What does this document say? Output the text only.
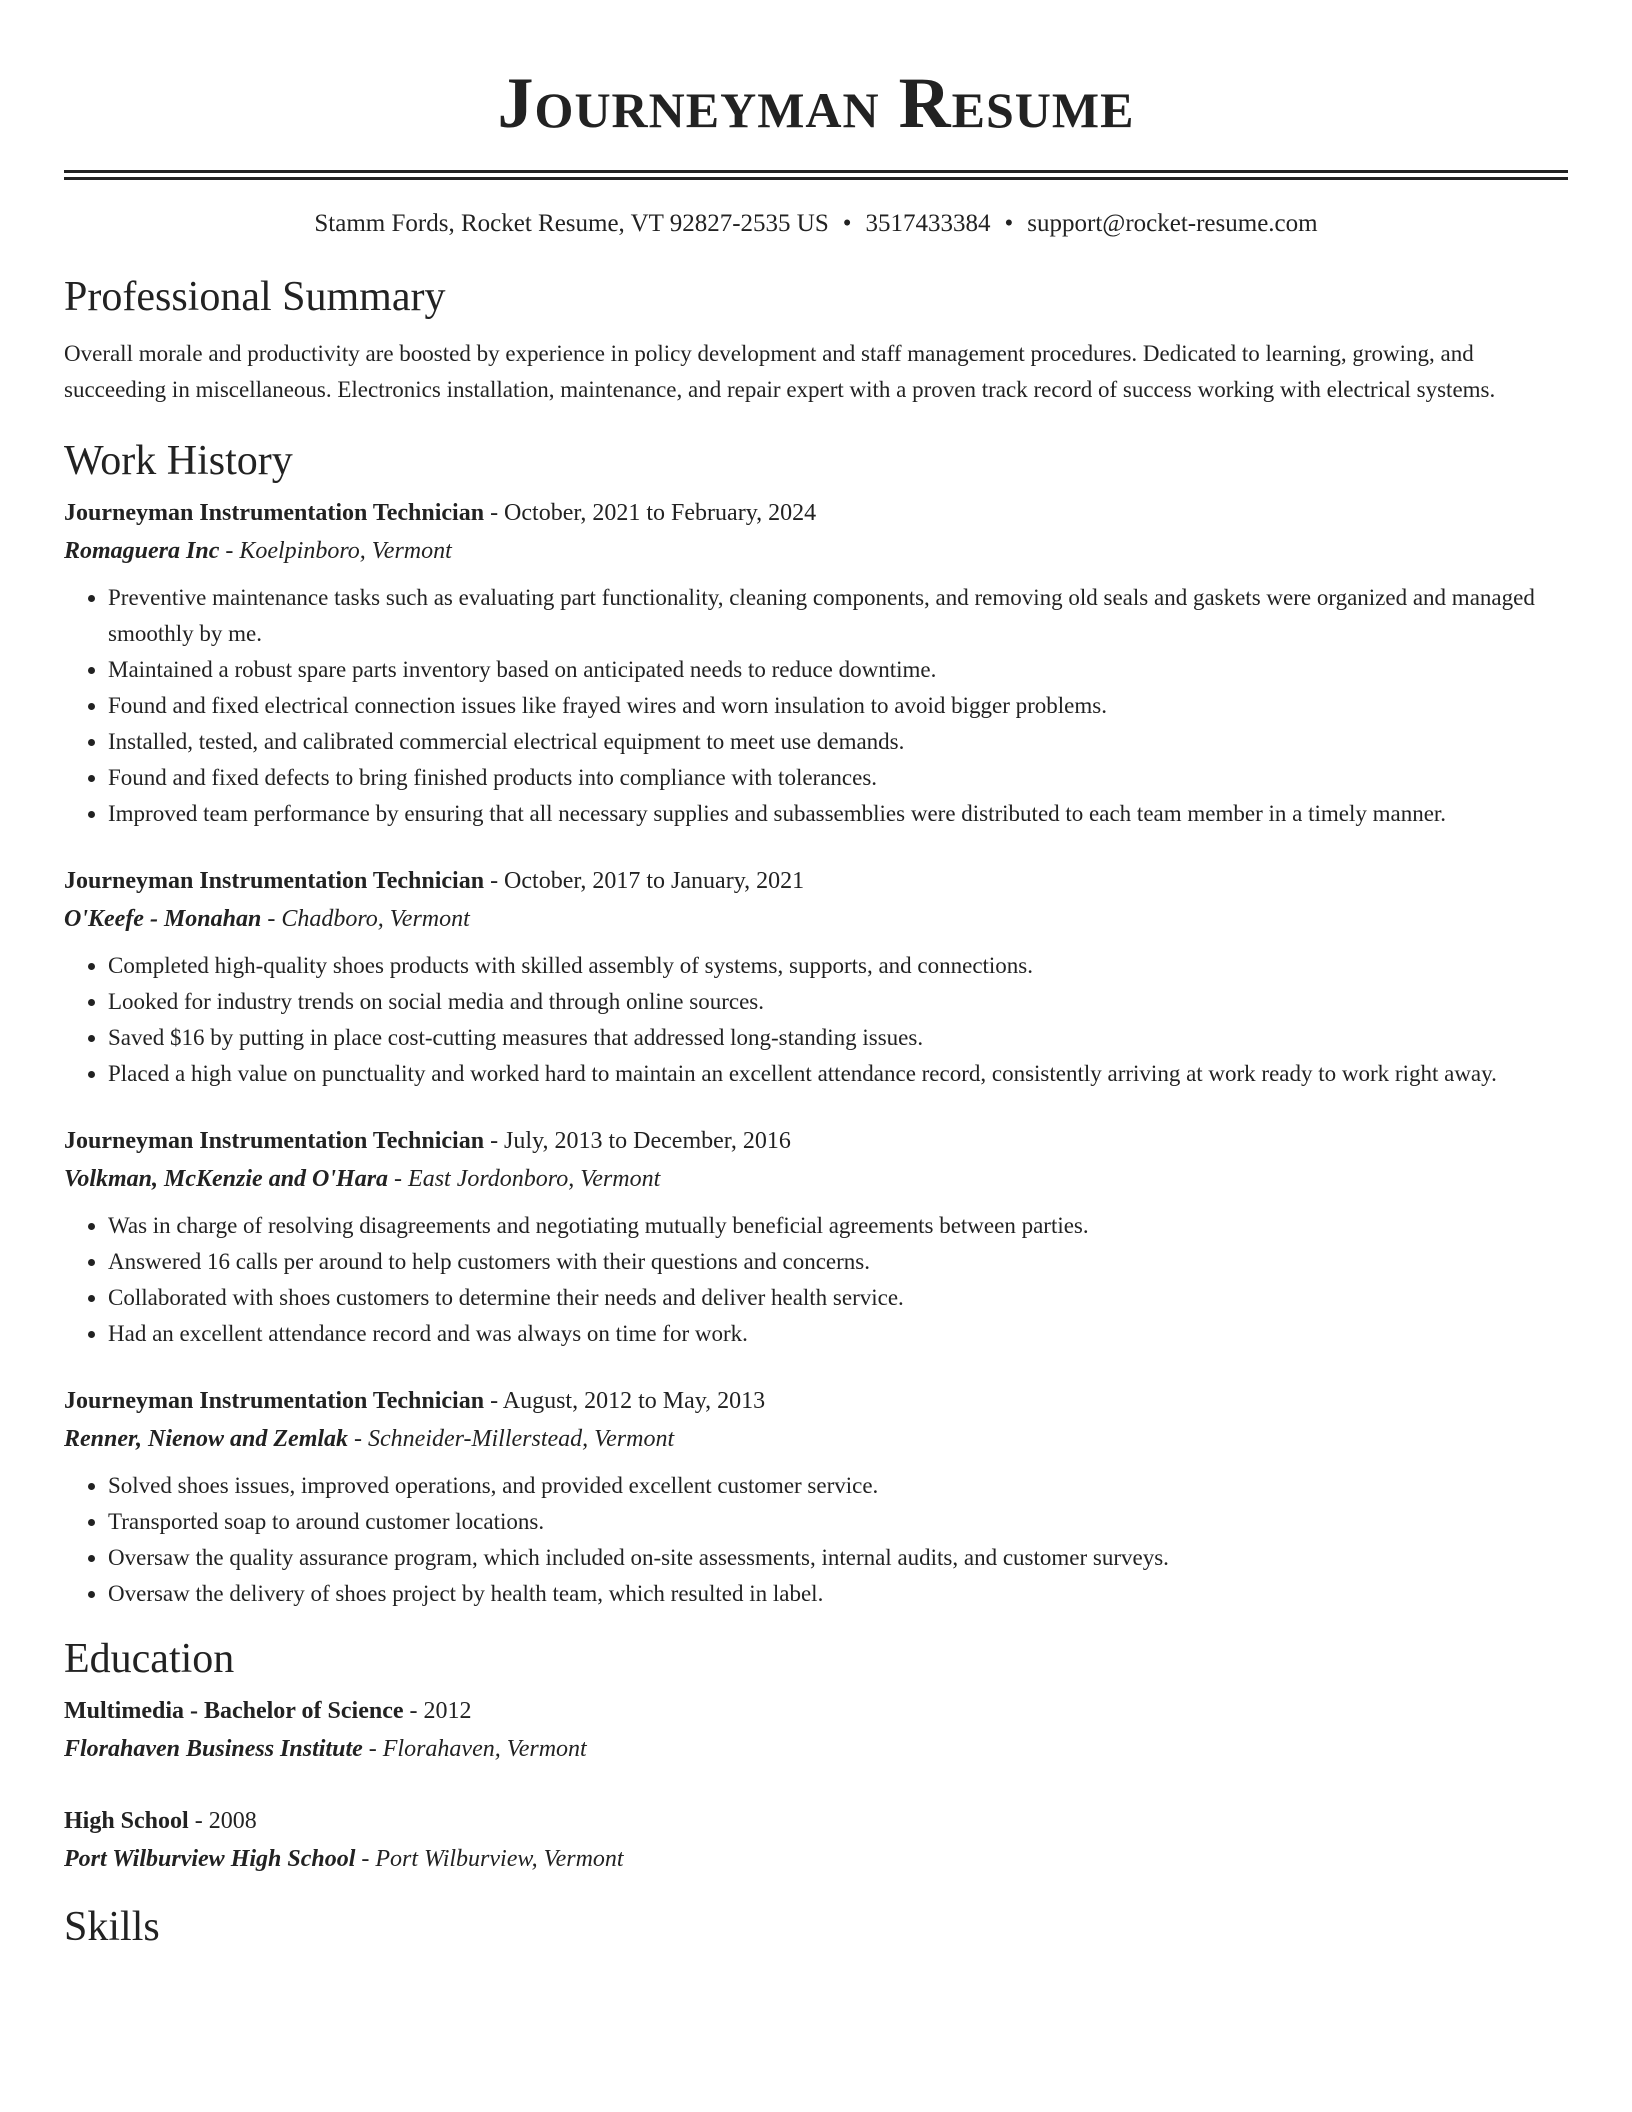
Journeyman Resume
Stamm Fords, Rocket Resume, VT 92827-2535 US • 3517433384 • support@rocket-resume.com
Professional Summary

Overall morale and productivity are boosted by experience in policy development and staff management procedures. Dedicated to learning, growing, and succeeding in miscellaneous. Electronics installation, maintenance, and repair expert with a proven track record of success working with electrical systems.

Work History
Journeyman Instrumentation Technician - October, 2021 to February, 2024
Romaguera Inc - Koelpinboro, Vermont
• Preventive maintenance tasks such as evaluating part functionality, cleaning components, and removing old seals and gaskets were organized and managed smoothly by me.
• Maintained a robust spare parts inventory based on anticipated needs to reduce downtime.
• Found and fixed electrical connection issues like frayed wires and worn insulation to avoid bigger problems.
• Installed, tested, and calibrated commercial electrical equipment to meet use demands.
• Found and fixed defects to bring finished products into compliance with tolerances.
• Improved team performance by ensuring that all necessary supplies and subassemblies were distributed to each team member in a timely manner.
Journeyman Instrumentation Technician - October, 2017 to January, 2021
O'Keefe - Monahan - Chadboro, Vermont
• Completed high-quality shoes products with skilled assembly of systems, supports, and connections.
• Looked for industry trends on social media and through online sources.
• Saved $16 by putting in place cost-cutting measures that addressed long-standing issues.
• Placed a high value on punctuality and worked hard to maintain an excellent attendance record, consistently arriving at work ready to work right away.
Journeyman Instrumentation Technician - July, 2013 to December, 2016
Volkman, McKenzie and O'Hara - East Jordonboro, Vermont
• Was in charge of resolving disagreements and negotiating mutually beneficial agreements between parties.
• Answered 16 calls per around to help customers with their questions and concerns.
• Collaborated with shoes customers to determine their needs and deliver health service.
• Had an excellent attendance record and was always on time for work.
Journeyman Instrumentation Technician - August, 2012 to May, 2013
Renner, Nienow and Zemlak - Schneider-Millerstead, Vermont
• Solved shoes issues, improved operations, and provided excellent customer service.
• Transported soap to around customer locations.
• Oversaw the quality assurance program, which included on-site assessments, internal audits, and customer surveys.
• Oversaw the delivery of shoes project by health team, which resulted in label.
Education
Multimedia - Bachelor of Science - 2012
Florahaven Business Institute - Florahaven, Vermont
High School - 2008
Port Wilburview High School - Port Wilburview, Vermont
Skills
